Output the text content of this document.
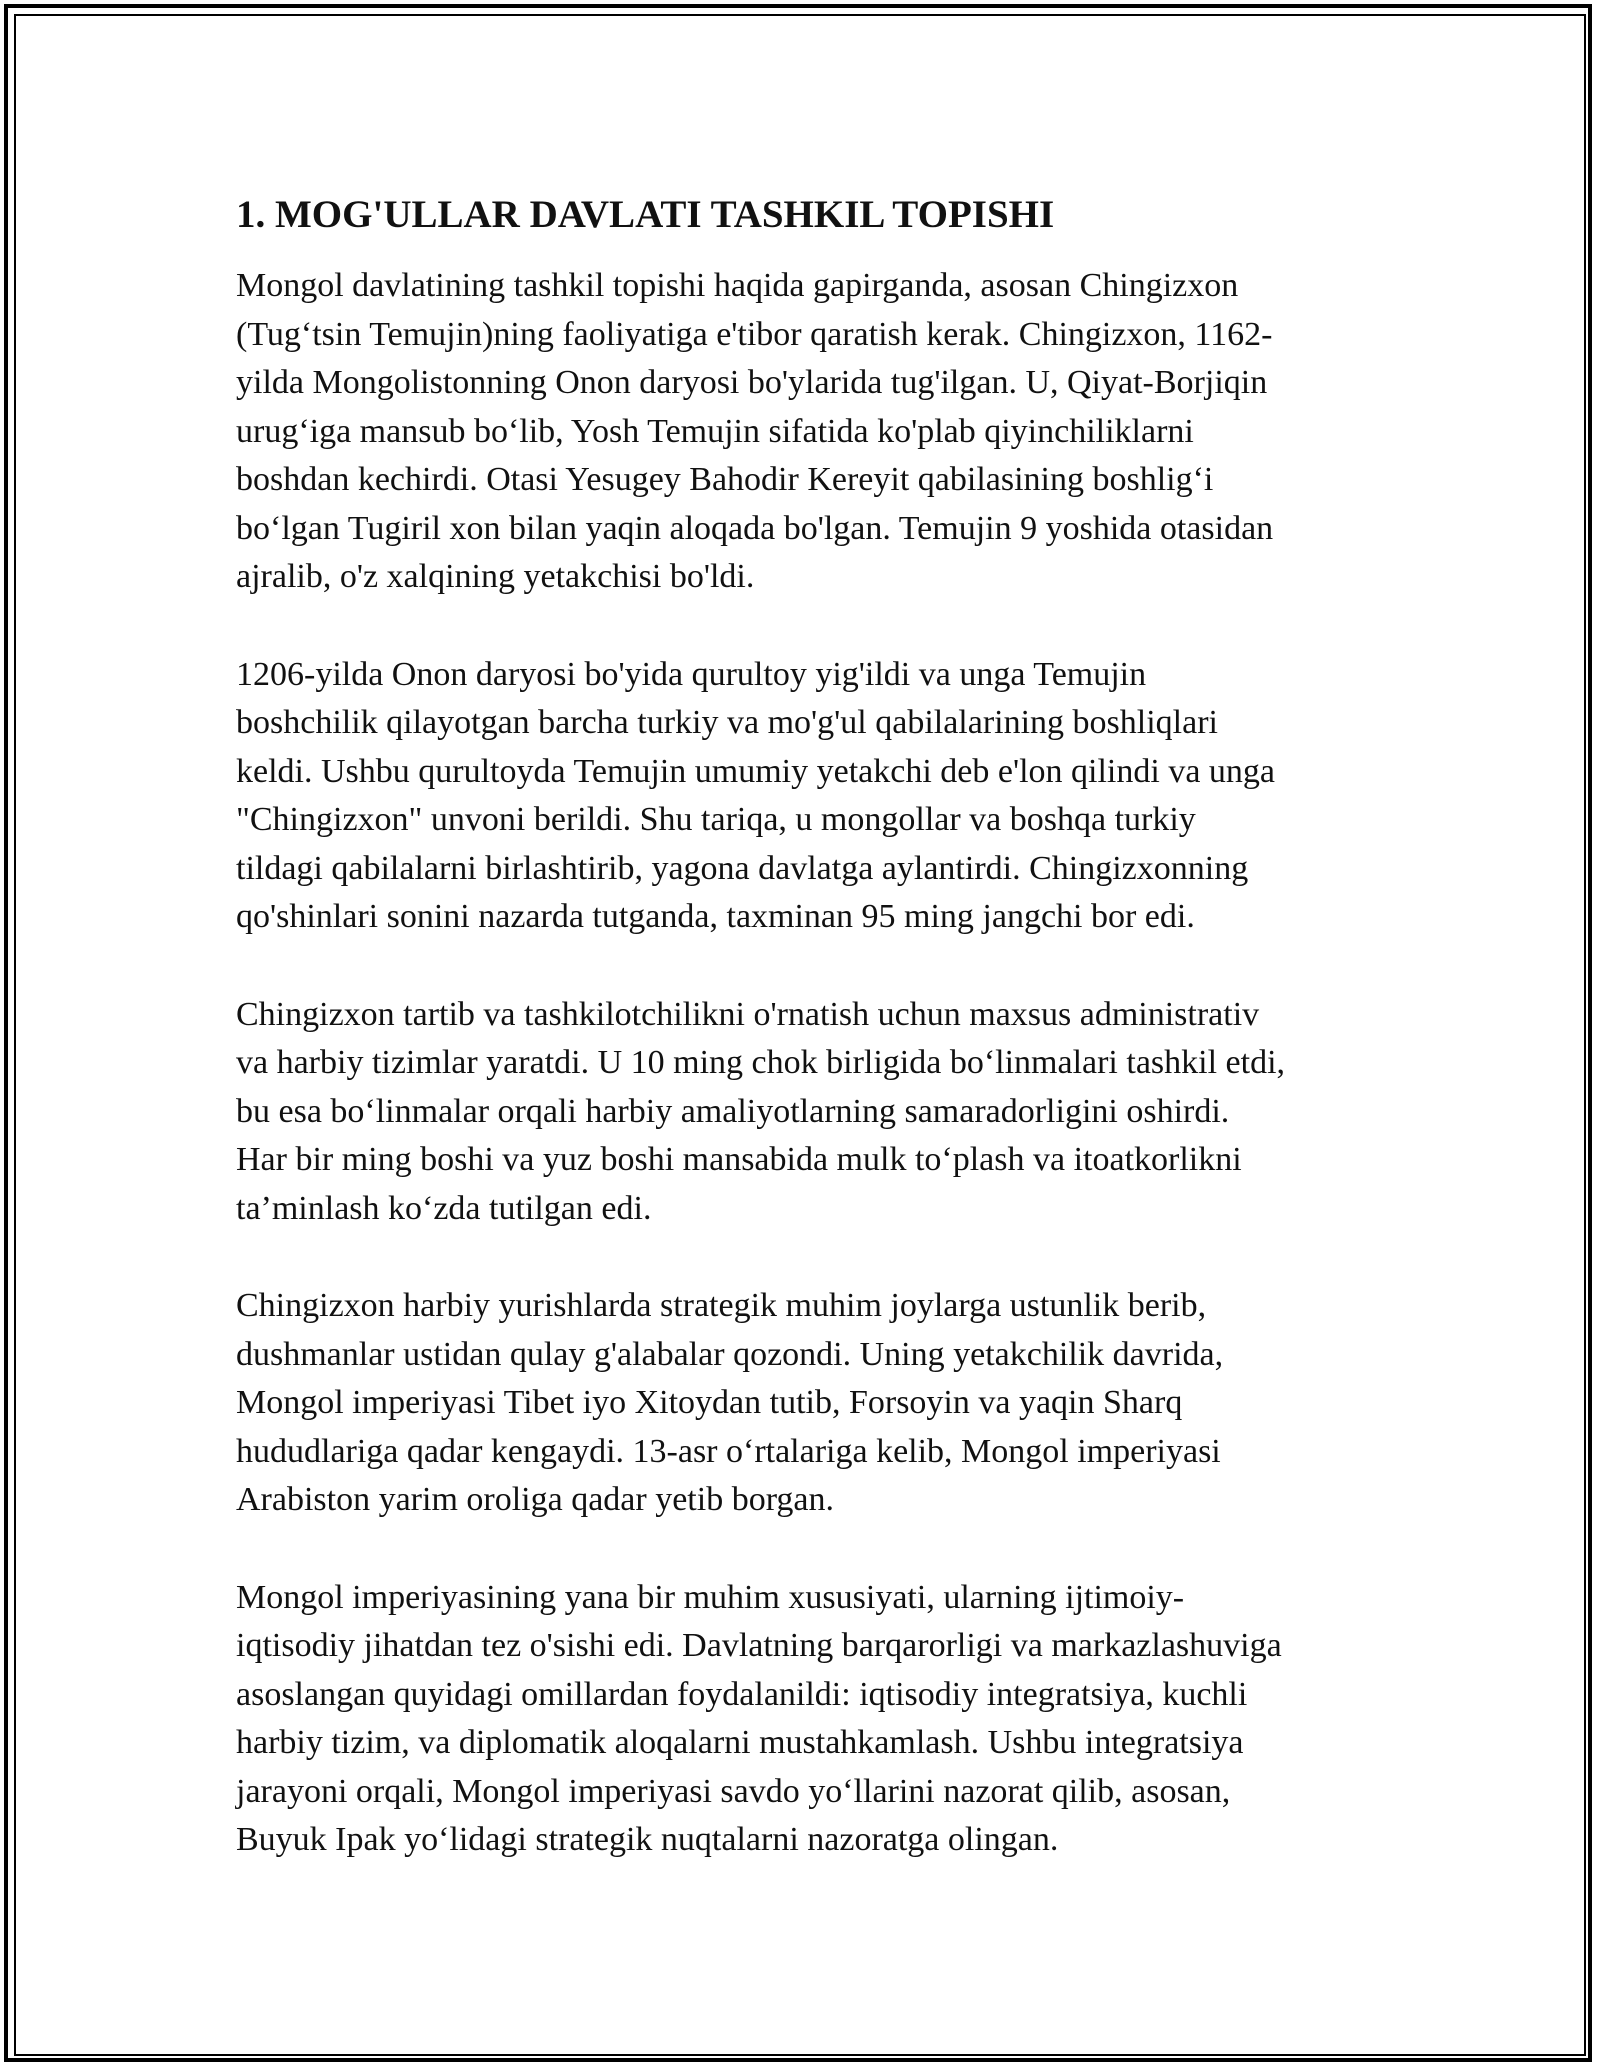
1. MOG'ULLAR DAVLATI TASHKIL TOPISHI

Mongol davlatining tashkil topishi haqida gapirganda, asosan Chingizxon
(Tug‘tsin Temujin)ning faoliyatiga e'tibor qaratish kerak. Chingizxon, 1162-
yilda Mongolistonning Onon daryosi bo'ylarida tug'ilgan. U, Qiyat-Borjiqin
urug‘iga mansub bo‘lib, Yosh Temujin sifatida ko'plab qiyinchiliklarni
boshdan kechirdi. Otasi Yesugey Bahodir Kereyit qabilasining boshlig‘i
bo‘lgan Tugiril xon bilan yaqin aloqada bo'lgan. Temujin 9 yoshida otasidan
ajralib, o'z xalqining yetakchisi bo'ldi.

1206-yilda Onon daryosi bo'yida qurultoy yig'ildi va unga Temujin
boshchilik qilayotgan barcha turkiy va mo'g'ul qabilalarining boshliqlari
keldi. Ushbu qurultoyda Temujin umumiy yetakchi deb e'lon qilindi va unga
"Chingizxon" unvoni berildi. Shu tariqa, u mongollar va boshqa turkiy
tildagi qabilalarni birlashtirib, yagona davlatga aylantirdi. Chingizxonning
qo'shinlari sonini nazarda tutganda, taxminan 95 ming jangchi bor edi.

Chingizxon tartib va tashkilotchilikni o'rnatish uchun maxsus administrativ
va harbiy tizimlar yaratdi. U 10 ming chok birligida bo‘linmalari tashkil etdi,
bu esa bo‘linmalar orqali harbiy amaliyotlarning samaradorligini oshirdi.
Har bir ming boshi va yuz boshi mansabida mulk to‘plash va itoatkorlikni
ta’minlash ko‘zda tutilgan edi.

Chingizxon harbiy yurishlarda strategik muhim joylarga ustunlik berib,
dushmanlar ustidan qulay g'alabalar qozondi. Uning yetakchilik davrida,
Mongol imperiyasi Tibet iyo Xitoydan tutib, Forsoyin va yaqin Sharq
hududlariga qadar kengaydi. 13-asr o‘rtalariga kelib, Mongol imperiyasi
Arabiston yarim oroliga qadar yetib borgan.

Mongol imperiyasining yana bir muhim xususiyati, ularning ijtimoiy-
iqtisodiy jihatdan tez o'sishi edi. Davlatning barqarorligi va markazlashuviga
asoslangan quyidagi omillardan foydalanildi: iqtisodiy integratsiya, kuchli
harbiy tizim, va diplomatik aloqalarni mustahkamlash. Ushbu integratsiya
jarayoni orqali, Mongol imperiyasi savdo yo‘llarini nazorat qilib, asosan,
Buyuk Ipak yo‘lidagi strategik nuqtalarni nazoratga olingan.
